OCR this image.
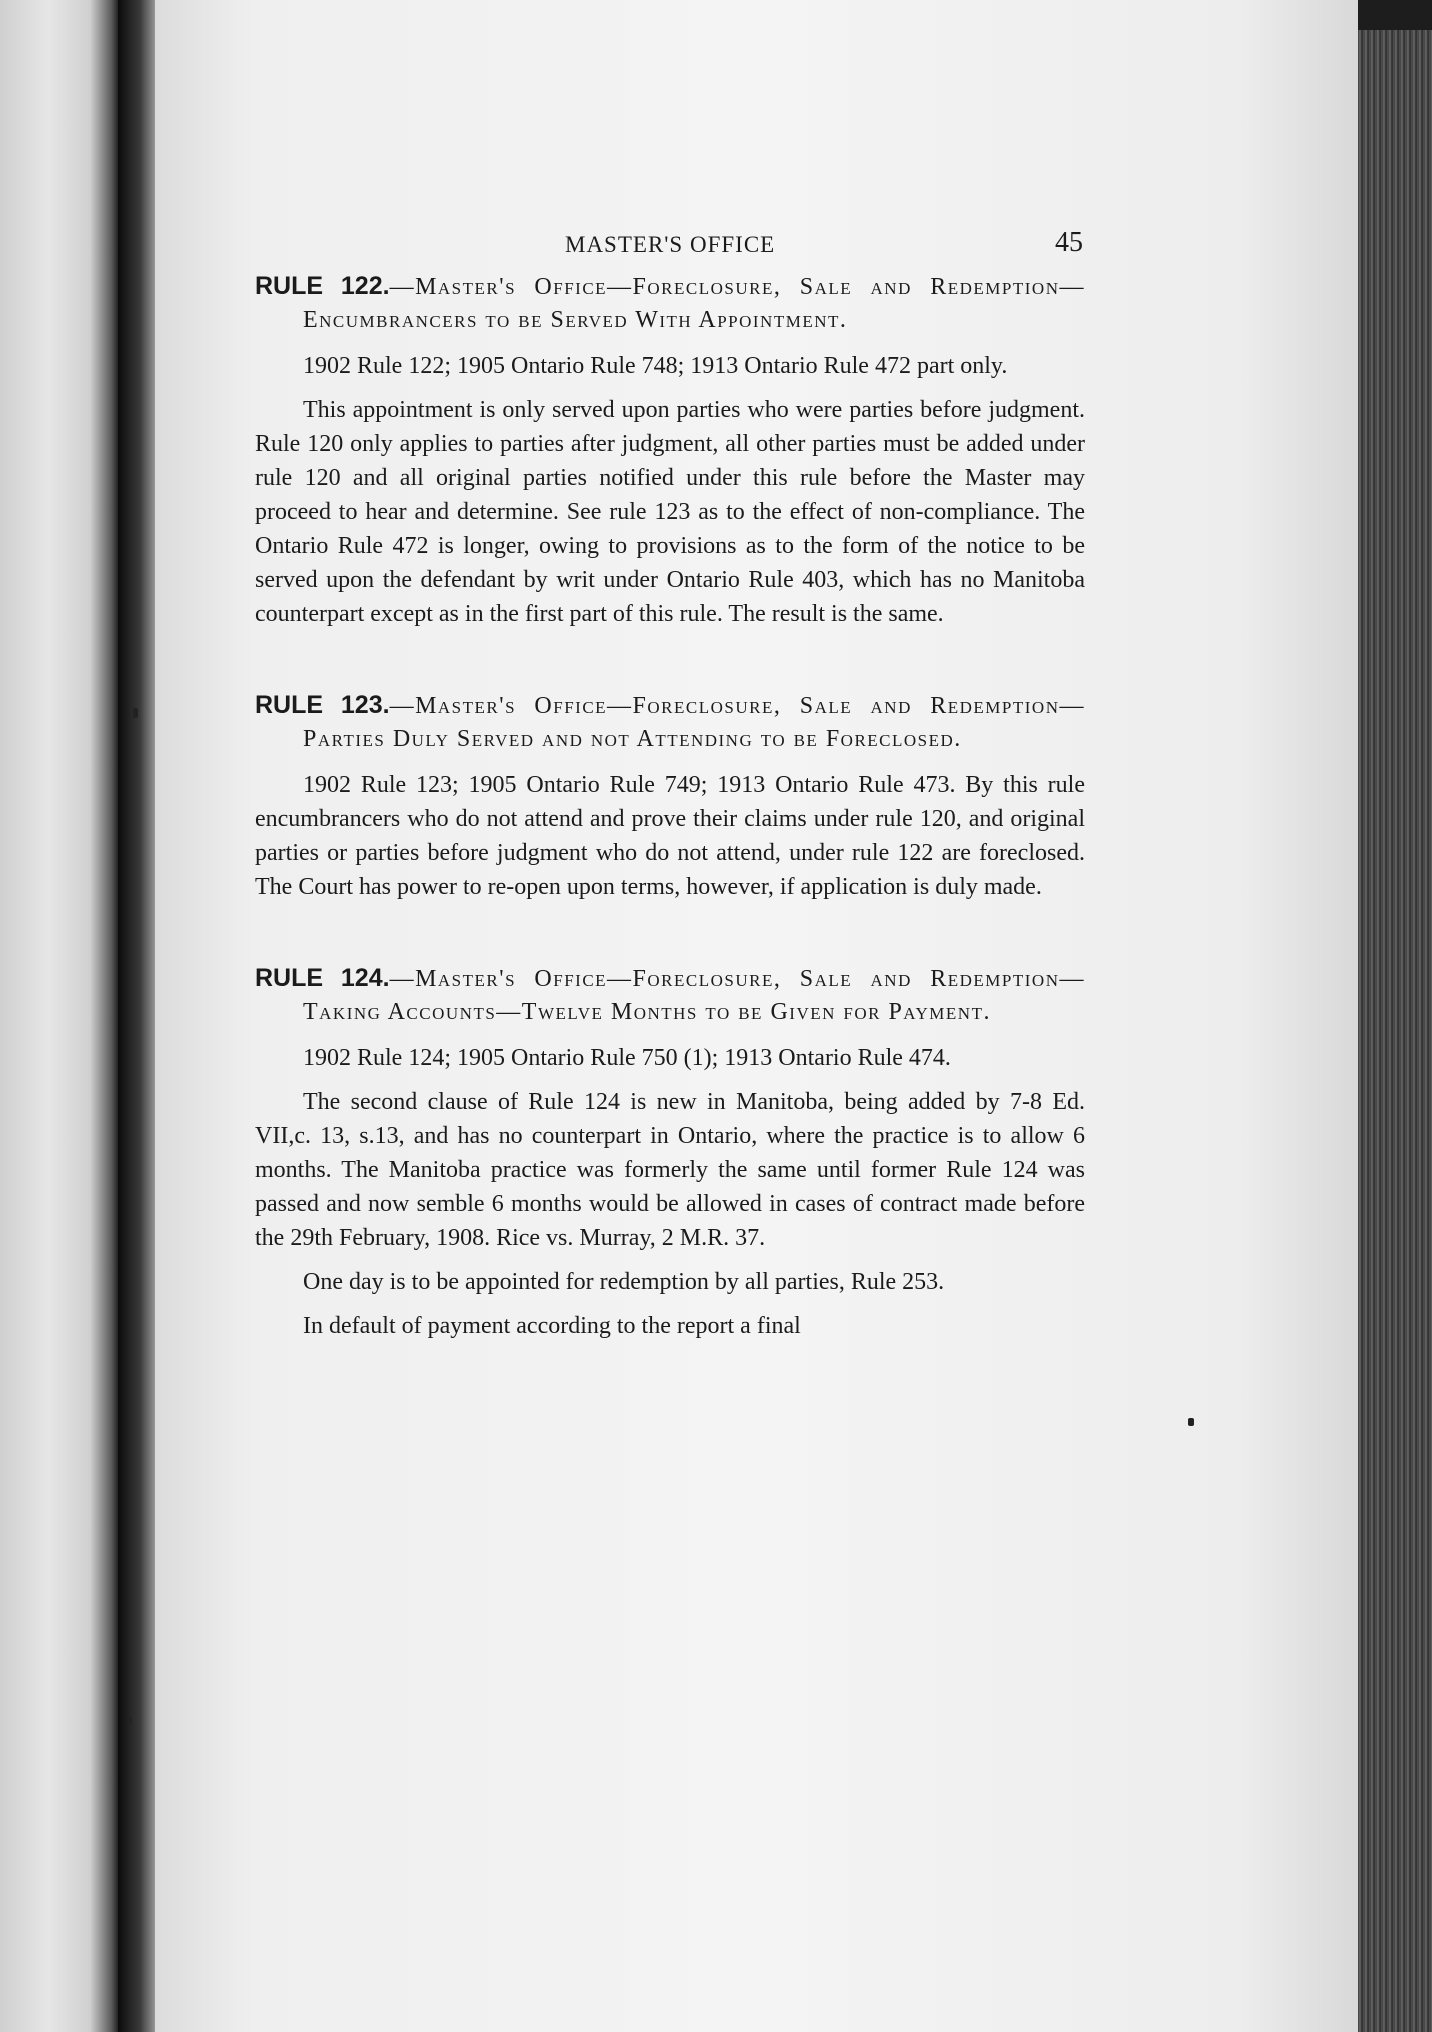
MASTER'S OFFICE	45
RULE 122.—Master's Office—Foreclosure, Sale and Redemption—Encumbrancers to be Served With Appointment.

1902 Rule 122; 1905 Ontario Rule 748; 1913 Ontario Rule 472 part only.

This appointment is only served upon parties who were parties before judgment. Rule 120 only applies to parties after judgment, all other parties must be added under rule 120 and all original parties notified under this rule before the Master may proceed to hear and determine. See rule 123 as to the effect of non-compliance. The Ontario Rule 472 is longer, owing to provisions as to the form of the notice to be served upon the defendant by writ under Ontario Rule 403, which has no Manitoba counterpart except as in the first part of this rule. The result is the same.

RULE 123.—Master's Office—Foreclosure, Sale and Redemption—Parties Duly Served and not Attending to be Foreclosed.

1902 Rule 123; 1905 Ontario Rule 749; 1913 Ontario Rule 473. By this rule encumbrancers who do not attend and prove their claims under rule 120, and original parties or parties before judgment who do not attend, under rule 122 are foreclosed. The Court has power to re-open upon terms, however, if application is duly made.

RULE 124.—Master's Office—Foreclosure, Sale and Redemption—Taking Accounts—Twelve Months to be Given for Payment.

1902 Rule 124; 1905 Ontario Rule 750 (1); 1913 Ontario Rule 474.

The second clause of Rule 124 is new in Manitoba, being added by 7-8 Ed. VII,c. 13, s.13, and has no counterpart in Ontario, where the practice is to allow 6 months. The Manitoba practice was formerly the same until former Rule 124 was passed and now semble 6 months would be allowed in cases of contract made before the 29th February, 1908. Rice vs. Murray, 2 M.R. 37.

One day is to be appointed for redemption by all parties, Rule 253.

In default of payment according to the report a final
